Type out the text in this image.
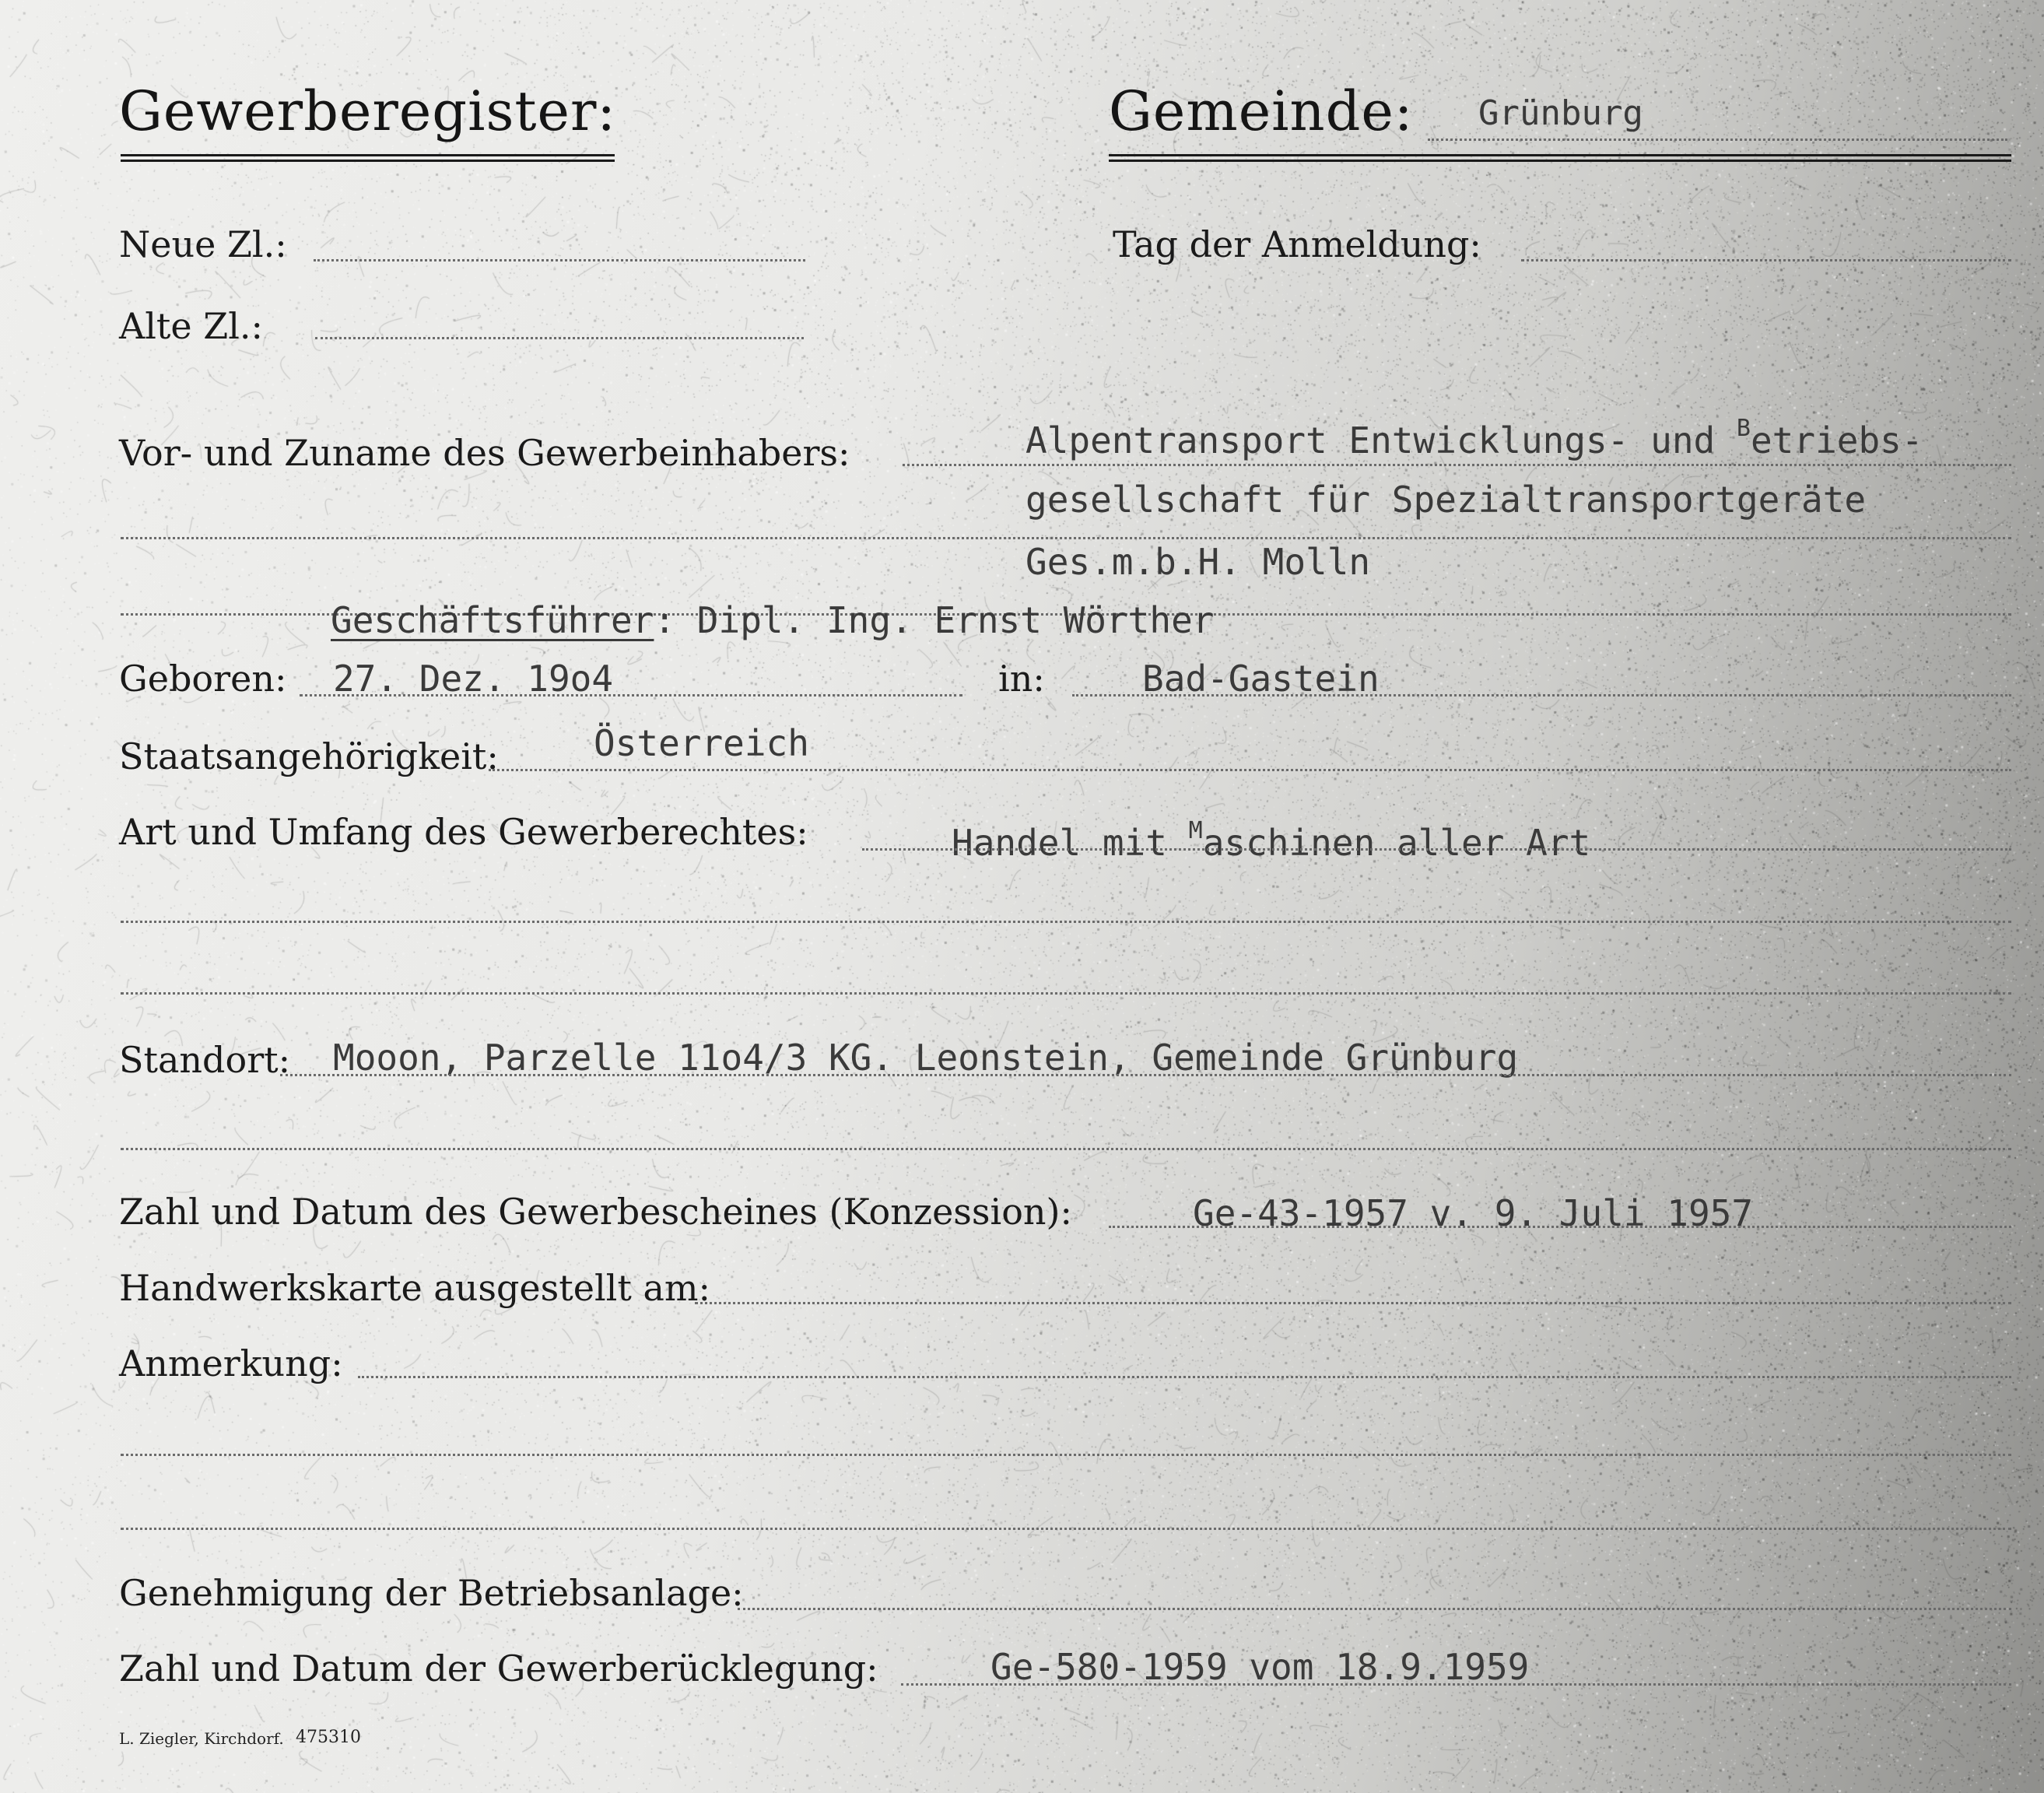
Gewerberegister:	Gemeinde: Grünburg
Neue Zl.:	Tag der Anmeldung:
Alte Zl.:
Vor- und Zuname des Gewerbeinhabers:	Alpentransport Entwicklungs- und $^B$etriebs-
gesellschaft für Spezialtransportgeräte
Ges.m.b.H. Molln
Geschäftsführer: Dipl. Ing. Ernst Wörther
Geboren: 27. Dez. 19o4	in:	Bad-Gastein
Staatsangehörigkeit:	Österreich
Art und Umfang des Gewerberechtes:	Handel mit $^M$aschinen aller Art
Standort: Mooon, Parzelle 11o4/3 KG. Leonstein, Gemeinde Grünburg
Zahl und Datum des Gewerbescheines (Konzession):	Ge-43-1957 v. 9. Juli 1957
Handwerkskarte ausgestellt am:
Anmerkung:
Genehmigung der Betriebsanlage:
Zahl und Datum der Gewerberücklegung:	Ge-580-1959 vom 18.9.1959
L. Ziegler, Kirchdorf. 475310
